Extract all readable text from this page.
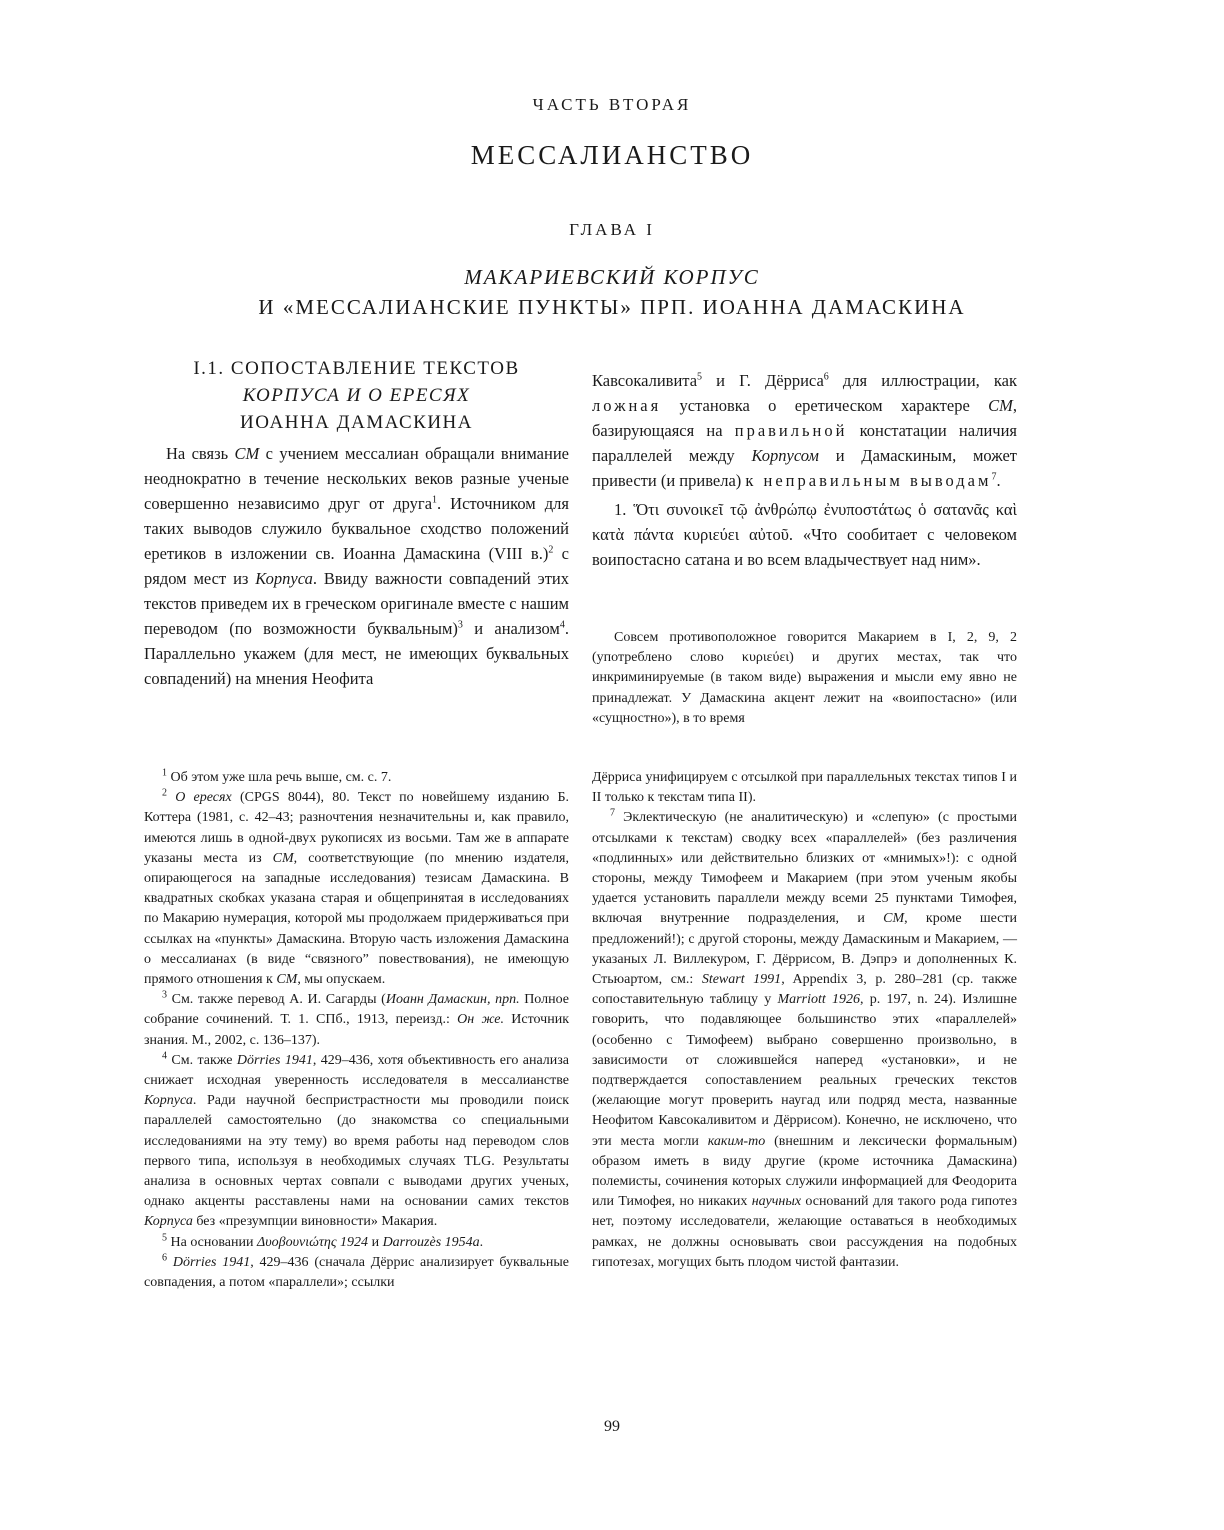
ЧАСТЬ ВТОРАЯ
МЕССАЛИАНСТВО
ГЛАВА I
МАКАРИЕВСКИЙ КОРПУС
И «МЕССАЛИАНСКИЕ ПУНКТЫ» ПРП. ИОАННА ДАМАСКИНА
I.1. СОПОСТАВЛЕНИЕ ТЕКСТОВ
КОРПУСА И О ЕРЕСЯХ
ИОАННА ДАМАСКИНА

На связь СМ с учением мессалиан обращали внимание неоднократно в течение нескольких веков разные ученые совершенно независимо друг от друга$^1$. Источником для таких выводов служило буквальное сходство положений еретиков в изложении св. Иоанна Дамаскина (VIII в.)$^2$ с рядом мест из Корпуса. Ввиду важности совпадений этих текстов приведем их в греческом оригинале вместе с нашим переводом (по возможности буквальным)$^3$ и анализом$^4$. Параллельно укажем (для мест, не имеющих буквальных совпадений) на мнения Неофита

Кавсокаливита$^5$ и Г. Дёрриса$^6$ для иллюстрации, как ложная установка о еретическом характере СМ, базирующаяся на правильной констатации наличия параллелей между Корпусом и Дамаскиным, может привести (и привела) к неправильным выводам$^7$.

1. Ὅτι συνοικεῖ τῷ ἀνθρώπῳ ἐνυποστάτως ὁ σατανᾶς καὶ κατὰ πάντα κυριεύει αὐτοῦ. «Что сообитает с человеком воипостасно сатана и во всем владычествует над ним».

Совсем противоположное говорится Макарием в I, 2, 9, 2 (употреблено слово κυριεύει) и других местах, так что инкриминируемые (в таком виде) выражения и мысли ему явно не принадлежат. У Дамаскина акцент лежит на «воипостасно» (или «сущностно»), в то время

$^1$ Об этом уже шла речь выше, см. с. 7.

$^2$ О ересях (CPGS 8044), 80. Текст по новейшему изданию Б. Коттера (1981, с. 42–43; разночтения незначительны и, как правило, имеются лишь в одной-двух рукописях из восьми. Там же в аппарате указаны места из СМ, соответствующие (по мнению издателя, опирающегося на западные исследования) тезисам Дамаскина. В квадратных скобках указана старая и общепринятая в исследованиях по Макарию нумерация, которой мы продолжаем придерживаться при ссылках на «пункты» Дамаскина. Вторую часть изложения Дамаскина о мессалианах (в виде “связного” повествования), не имеющую прямого отношения к СМ, мы опускаем.

$^3$ См. также перевод А. И. Сагарды (Иоанн Дамаскин, прп. Полное собрание сочинений. Т. 1. СПб., 1913, переизд.: Он же. Источник знания. М., 2002, с. 136–137).

$^4$ См. также Dörries 1941, 429–436, хотя объективность его анализа снижает исходная уверенность исследователя в мессалианстве Корпуса. Ради научной беспристрастности мы проводили поиск параллелей самостоятельно (до знакомства со специальными исследованиями на эту тему) во время работы над переводом слов первого типа, используя в необходимых случаях TLG. Результаты анализа в основных чертах совпали с выводами других ученых, однако акценты расставлены нами на основании самих текстов Корпуса без «презумпции виновности» Макария.

$^5$ На основании Δυοβουνιώτης 1924 и Darrouzès 1954a.

$^6$ Dörries 1941, 429–436 (сначала Дёррис анализирует буквальные совпадения, а потом «параллели»; ссылки

Дёрриса унифицируем с отсылкой при параллельных текстах типов I и II только к текстам типа II).

$^7$ Эклектическую (не аналитическую) и «слепую» (с простыми отсылками к текстам) сводку всех «параллелей» (без различения «подлинных» или действительно близких от «мнимых»!): с одной стороны, между Тимофеем и Макарием (при этом ученым якобы удается установить параллели между всеми 25 пунктами Тимофея, включая внутренние подразделения, и СМ, кроме шести предложений!); с другой стороны, между Дамаскиным и Макарием, — указаных Л. Виллекуром, Г. Дёррисом, В. Дэпрэ и дополненных К. Стьюартом, см.: Stewart 1991, Appendix 3, p. 280–281 (ср. также сопоставительную таблицу у Marriott 1926, p. 197, n. 24). Излишне говорить, что подавляющее большинство этих «параллелей» (особенно с Тимофеем) выбрано совершенно произвольно, в зависимости от сложившейся наперед «установки», и не подтверждается сопоставлением реальных греческих текстов (желающие могут проверить наугад или подряд места, названные Неофитом Кавсокаливитом и Дёррисом). Конечно, не исключено, что эти места могли каким-то (внешним и лексически формальным) образом иметь в виду другие (кроме источника Дамаскина) полемисты, сочинения которых служили информацией для Феодорита или Тимофея, но никаких научных оснований для такого рода гипотез нет, поэтому исследователи, желающие оставаться в необходимых рамках, не должны основывать свои рассуждения на подобных гипотезах, могущих быть плодом чистой фантазии.

99
